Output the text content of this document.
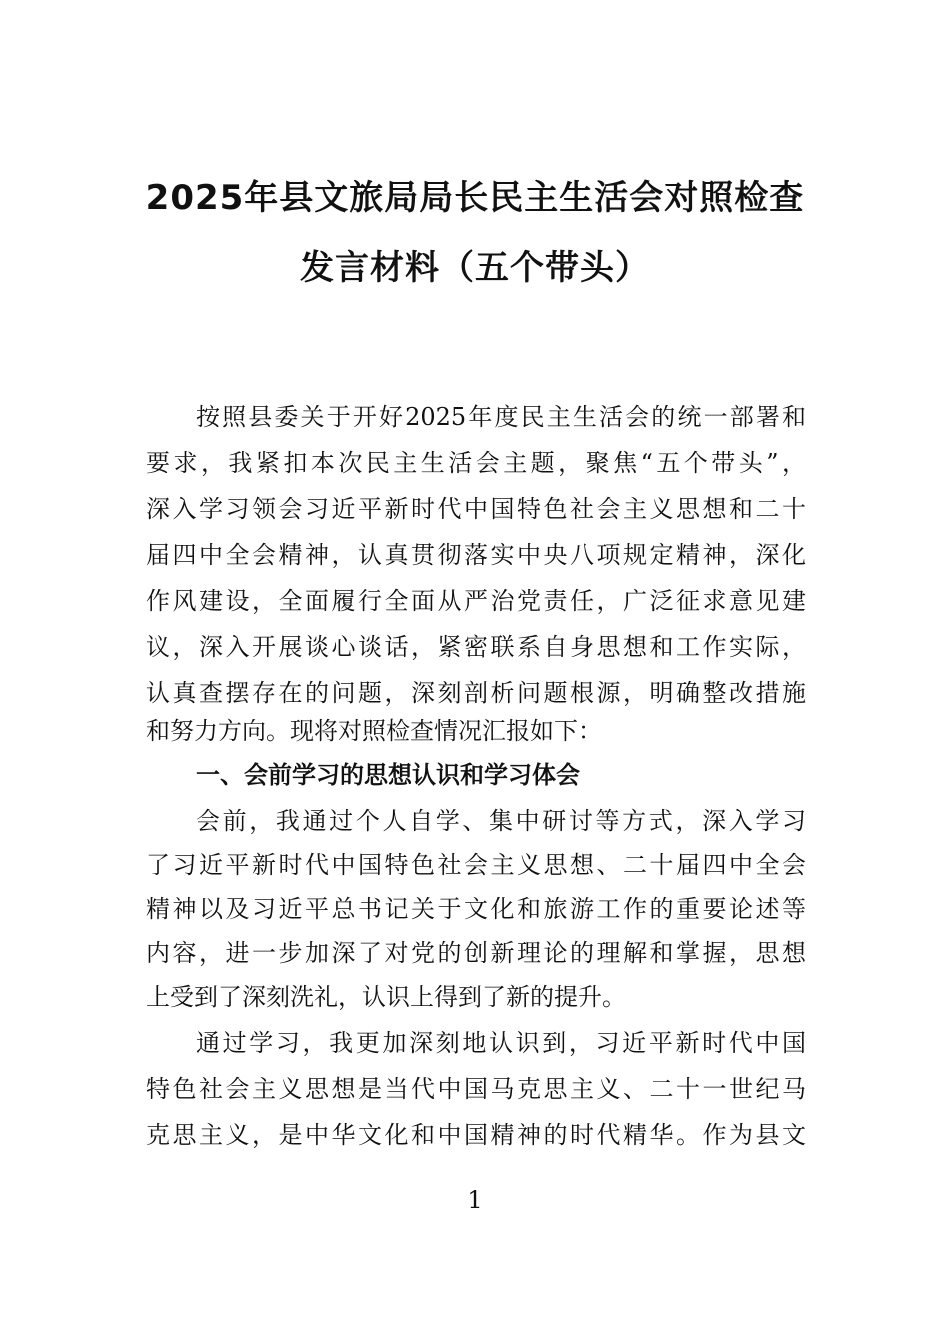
2025年县文旅局局长民主生活会对照检查
发言材料（五个带头）
按照县委关于开好2025年度民主生活会的统一部署和
要求，我紧扣本次民主生活会主题，聚焦“五个带头”，
深入学习领会习近平新时代中国特色社会主义思想和二十
届四中全会精神，认真贯彻落实中央八项规定精神，深化
作风建设，全面履行全面从严治党责任，广泛征求意见建
议，深入开展谈心谈话，紧密联系自身思想和工作实际，
认真查摆存在的问题，深刻剖析问题根源，明确整改措施
和努力方向。现将对照检查情况汇报如下：
一、会前学习的思想认识和学习体会
会前，我通过个人自学、集中研讨等方式，深入学习
了习近平新时代中国特色社会主义思想、二十届四中全会
精神以及习近平总书记关于文化和旅游工作的重要论述等
内容，进一步加深了对党的创新理论的理解和掌握，思想
上受到了深刻洗礼，认识上得到了新的提升。
通过学习，我更加深刻地认识到，习近平新时代中国
特色社会主义思想是当代中国马克思主义、二十一世纪马
克思主义，是中华文化和中国精神的时代精华。作为县文
1
